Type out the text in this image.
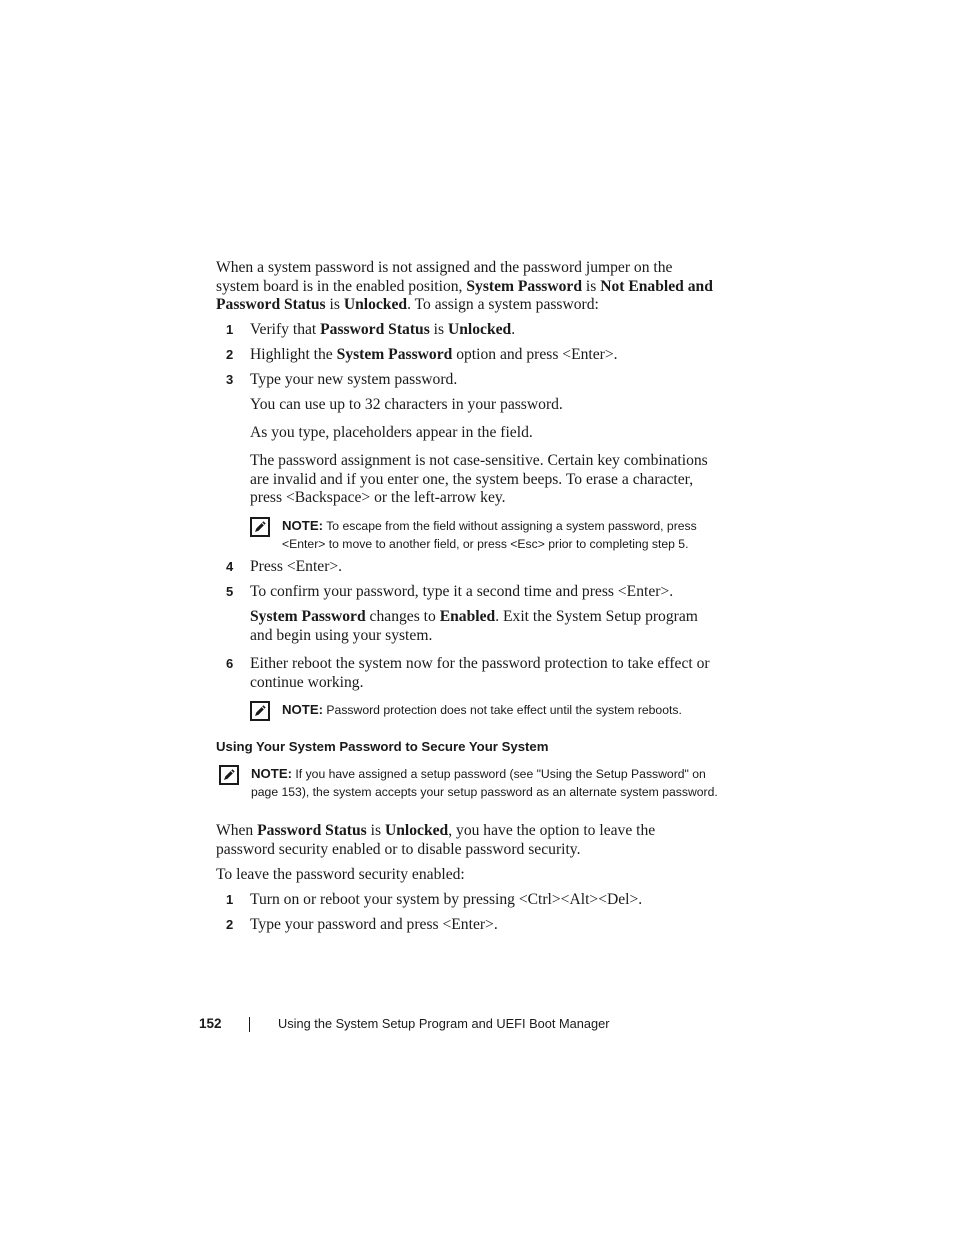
When a system password is not assigned and the password jumper on the system board is in the enabled position, System Password is Not Enabled and Password Status is Unlocked. To assign a system password:
1	Verify that Password Status is Unlocked.
2	Highlight the System Password option and press <Enter>.
3	Type your new system password.
You can use up to 32 characters in your password.
As you type, placeholders appear in the field.
The password assignment is not case-sensitive. Certain key combinations are invalid and if you enter one, the system beeps. To erase a character, press <Backspace> or the left-arrow key.
NOTE: To escape from the field without assigning a system password, press <Enter> to move to another field, or press <Esc> prior to completing step 5.
4	Press <Enter>.
5	To confirm your password, type it a second time and press <Enter>.
System Password changes to Enabled. Exit the System Setup program and begin using your system.
6	Either reboot the system now for the password protection to take effect or continue working.
NOTE: Password protection does not take effect until the system reboots.
Using Your System Password to Secure Your System
NOTE: If you have assigned a setup password (see "Using the Setup Password" on page 153), the system accepts your setup password as an alternate system password.
When Password Status is Unlocked, you have the option to leave the password security enabled or to disable password security.
To leave the password security enabled:
1	Turn on or reboot your system by pressing <Ctrl><Alt><Del>.
2	Type your password and press <Enter>.
152	Using the System Setup Program and UEFI Boot Manager
